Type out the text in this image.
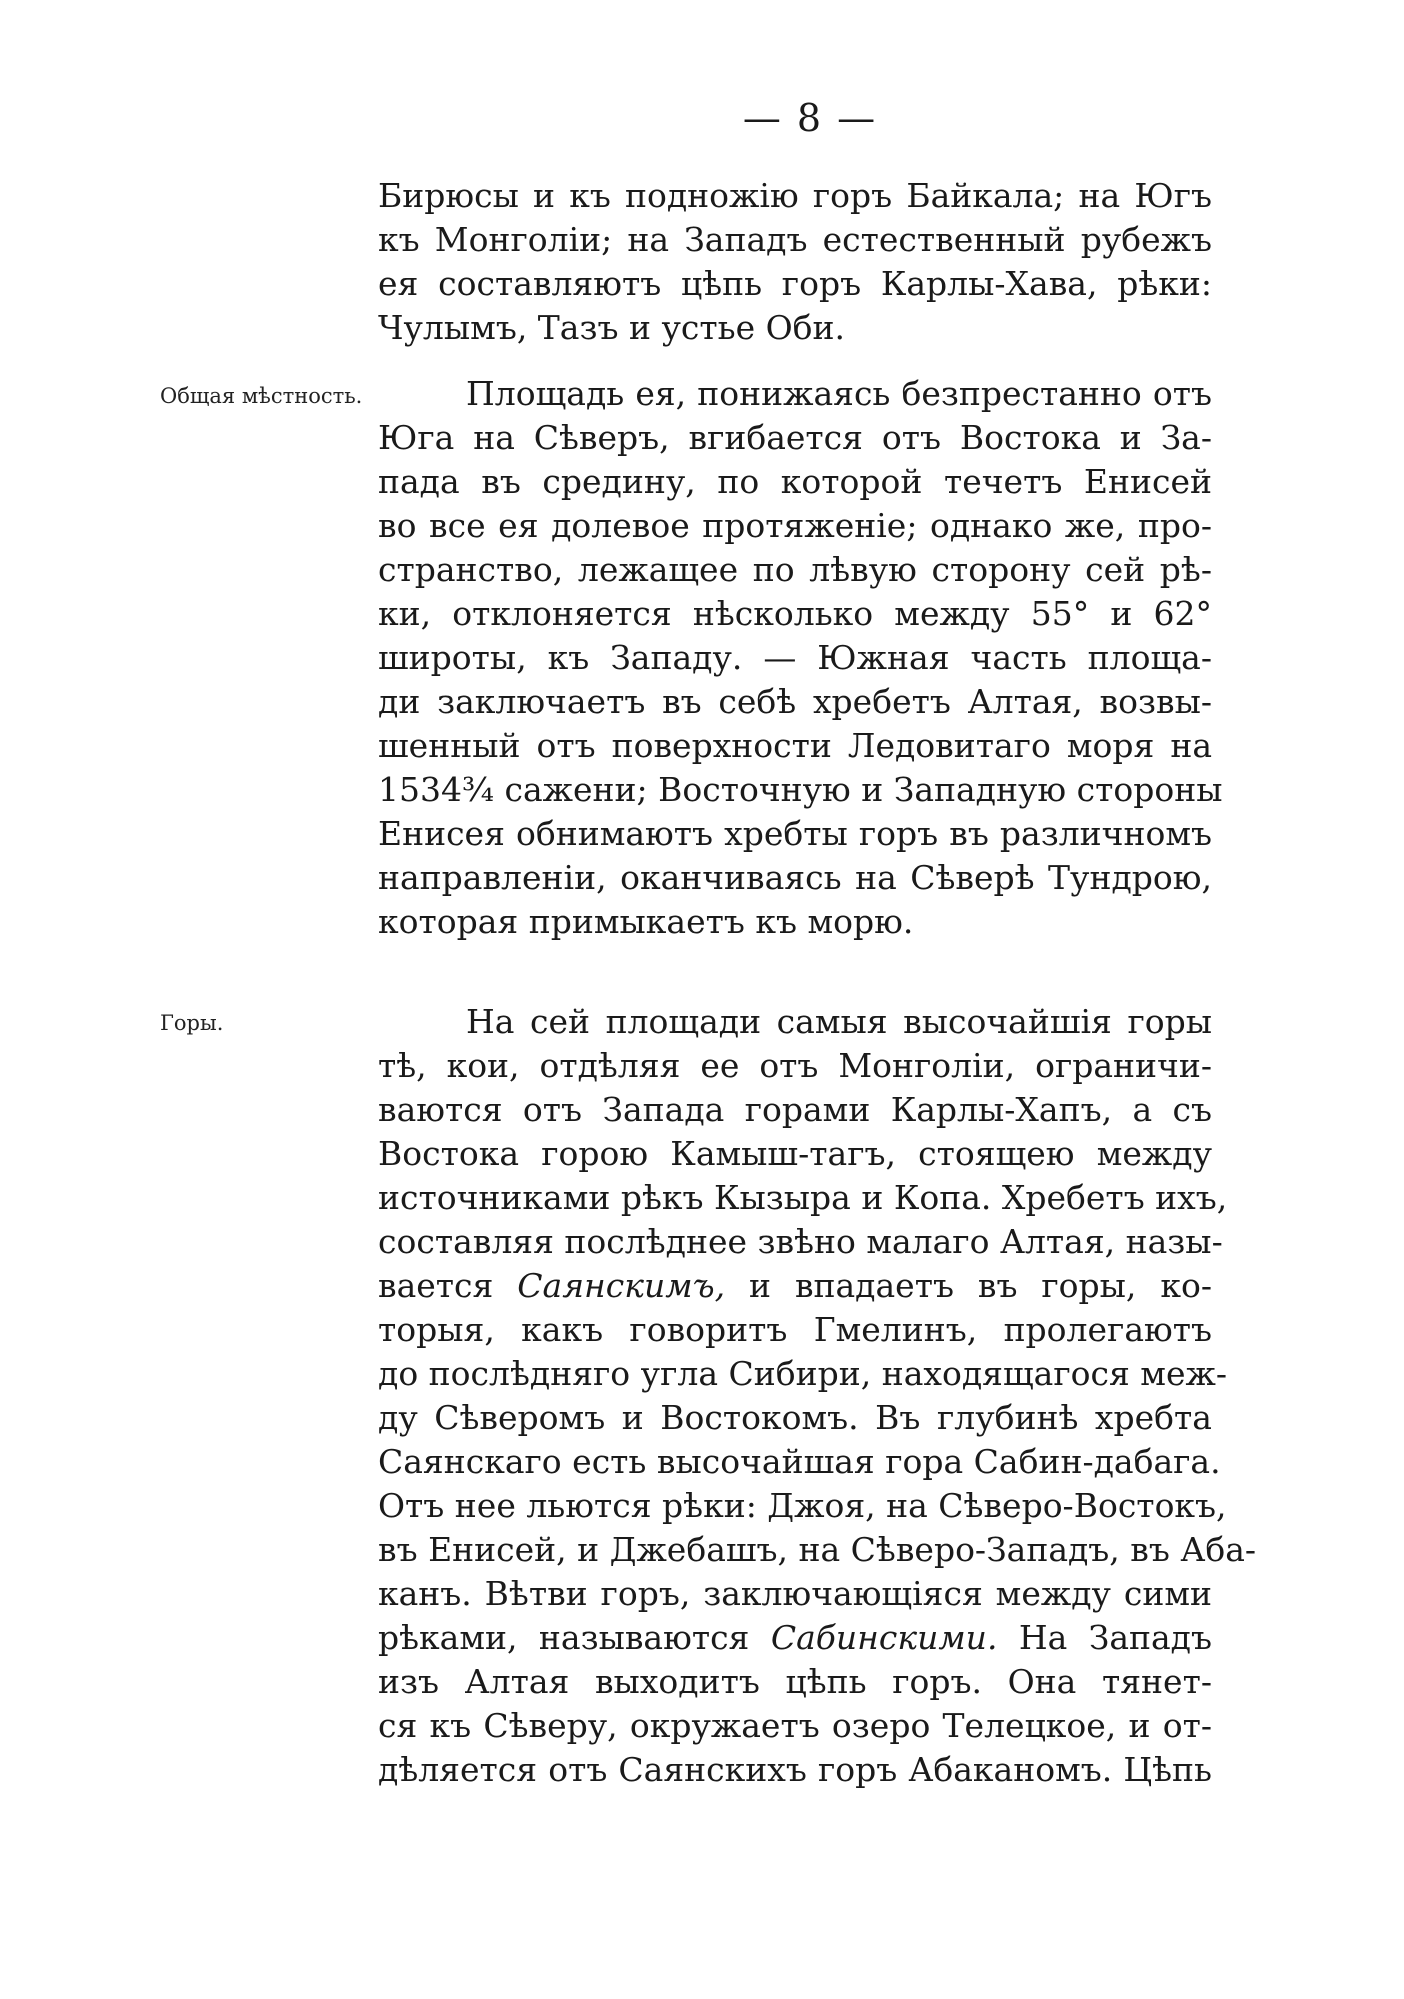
— 8 —
Общая мѣстность.
Горы.
Бирюсы и къ подножію горъ Байкала; на Югъ
къ Монголіи; на Западъ естественный рубежъ
ея составляютъ цѣпь горъ Карлы-Хава, рѣки:
Чулымъ, Тазъ и устье Оби.
Площадь ея, понижаясь безпрестанно отъ
Юга на Сѣверъ, вгибается отъ Востока и За-
пада въ средину, по которой течетъ Енисей
во все ея долевое протяженіе; однако же, про-
странство, лежащее по лѣвую сторону сей рѣ-
ки, отклоняется нѣсколько между 55° и 62°
широты, къ Западу. — Южная часть площа-
ди заключаетъ въ себѣ хребетъ Алтая, возвы-
шенный отъ поверхности Ледовитаго моря на
1534¾ сажени; Восточную и Западную стороны
Енисея обнимаютъ хребты горъ въ различномъ
направленіи, оканчиваясь на Сѣверѣ Тундрою,
которая примыкаетъ къ морю.
На сей площади самыя высочайшія горы
тѣ, кои, отдѣляя ее отъ Монголіи, ограничи-
ваются отъ Запада горами Карлы-Хапъ, а съ
Востока горою Камыш-тагъ, стоящею между
источниками рѣкъ Кызыра и Копа. Хребетъ ихъ,
составляя послѣднее звѣно малаго Алтая, назы-
вается Саянскимъ, и впадаетъ въ горы, ко-
торыя, какъ говоритъ Гмелинъ, пролегаютъ
до послѣдняго угла Сибири, находящагося меж-
ду Сѣверомъ и Востокомъ. Въ глубинѣ хребта
Саянскаго есть высочайшая гора Сабин-дабага.
Отъ нее льются рѣки: Джоя, на Сѣверо-Востокъ,
въ Енисей, и Джебашъ, на Сѣверо-Западъ, въ Аба-
канъ. Вѣтви горъ, заключающіяся между сими
рѣками, называются Сабинскими. На Западъ
изъ Алтая выходитъ цѣпь горъ. Она тянет-
ся къ Сѣверу, окружаетъ озеро Телецкое, и от-
дѣляется отъ Саянскихъ горъ Абаканомъ. Цѣпь
